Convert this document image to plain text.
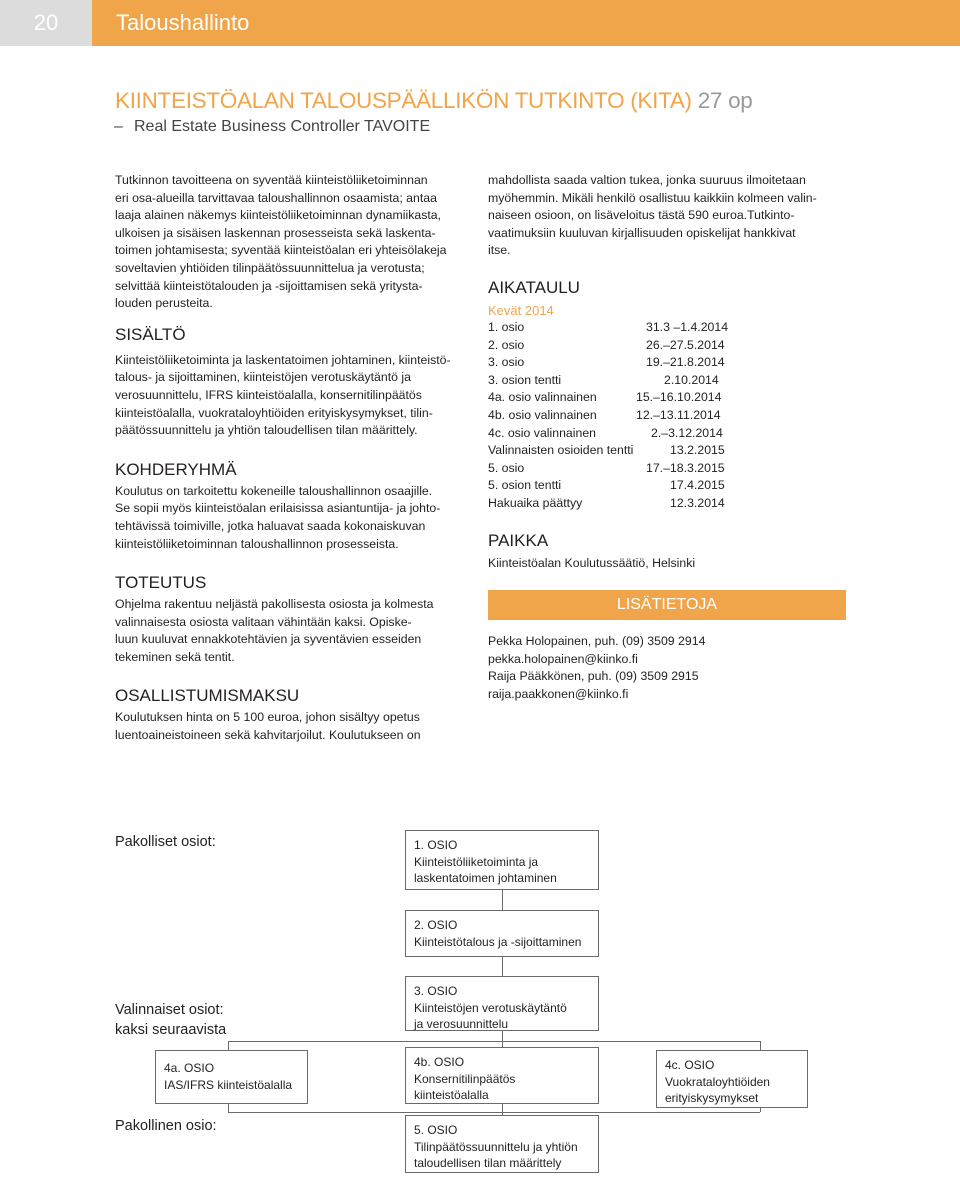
20	Taloushallinto
KIINTEISTÖALAN TALOUSPÄÄLLIKÖN TUTKINTO (KITA) 27 op
– Real Estate Business Controller TAVOITE

Tutkinnon tavoitteena on syventää kiinteistöliiketoiminnan

eri osa-alueilla tarvittavaa taloushallinnon osaamista; antaa

laaja alainen näkemys kiinteistöliiketoiminnan dynamiikasta,

ulkoisen ja sisäisen laskennan prosesseista sekä laskenta-

toimen johtamisesta; syventää kiinteistöalan eri yhteisölakeja

soveltavien yhtiöiden tilinpäätössuunnittelua ja verotusta;

selvittää kiinteistötalouden ja -sijoittamisen sekä yritysta-

louden perusteita.

SISÄLTÖ

Kiinteistöliiketoiminta ja laskentatoimen johtaminen, kiinteistö-

talous- ja sijoittaminen, kiinteistöjen verotuskäytäntö ja

verosuunnittelu, IFRS kiinteistöalalla, konsernitilinpäätös

kiinteistöalalla, vuokrataloyhtiöiden erityiskysymykset, tilin-

päätössuunnittelu ja yhtiön taloudellisen tilan määrittely.

KOHDERYHMÄ

Koulutus on tarkoitettu kokeneille taloushallinnon osaajille.

Se sopii myös kiinteistöalan erilaisissa asiantuntija- ja johto-

tehtävissä toimiville, jotka haluavat saada kokonaiskuvan

kiinteistöliiketoiminnan taloushallinnon prosesseista.

TOTEUTUS

Ohjelma rakentuu neljästä pakollisesta osiosta ja kolmesta

valinnaisesta osiosta valitaan vähintään kaksi. Opiske-

luun kuuluvat ennakkotehtävien ja syventävien esseiden

tekeminen sekä tentit.

OSALLISTUMISMAKSU

Koulutuksen hinta on 5 100 euroa, johon sisältyy opetus

luentoaineistoineen sekä kahvitarjoilut. Koulutukseen on

mahdollista saada valtion tukea, jonka suuruus ilmoitetaan

myöhemmin. Mikäli henkilö osallistuu kaikkiin kolmeen valin-

naiseen osioon, on lisäveloitus tästä 590 euroa.Tutkinto-

vaatimuksiin kuuluvan kirjallisuuden opiskelijat hankkivat

itse.

AIKATAULU

Kevät 2014

1. osio	31.3 –1.4.2014
2. osio	26.–27.5.2014
3. osio	19.–21.8.2014
3. osion tentti	2.10.2014
4a. osio valinnainen	15.–16.10.2014
4b. osio valinnainen	12.–13.11.2014
4c. osio valinnainen	2.–3.12.2014
Valinnaisten osioiden tentti	13.2.2015
5. osio	17.–18.3.2015
5. osion tentti	17.4.2015
Hakuaika päättyy	12.3.2014

PAIKKA

Kiinteistöalan Koulutussäätiö, Helsinki

LISÄTIETOJA

Pekka Holopainen, puh. (09) 3509 2914

pekka.holopainen@kiinko.fi

Raija Pääkkönen, puh. (09) 3509 2915

raija.paakkonen@kiinko.fi

Pakolliset osiot:
Valinnaiset osiot:
kaksi seuraavista
Pakollinen osio:
1. OSIO
Kiinteistöliiketoiminta ja
laskentatoimen johtaminen
2. OSIO
Kiinteistötalous ja -sijoittaminen
3. OSIO
Kiinteistöjen verotuskäytäntö
ja verosuunnittelu
4a. OSIO
IAS/IFRS kiinteistöalalla
4b. OSIO
Konsernitilinpäätös
kiinteistöalalla
4c. OSIO
Vuokrataloyhtiöiden
erityiskysymykset
5. OSIO
Tilinpäätössuunnittelu ja yhtiön
taloudellisen tilan määrittely
